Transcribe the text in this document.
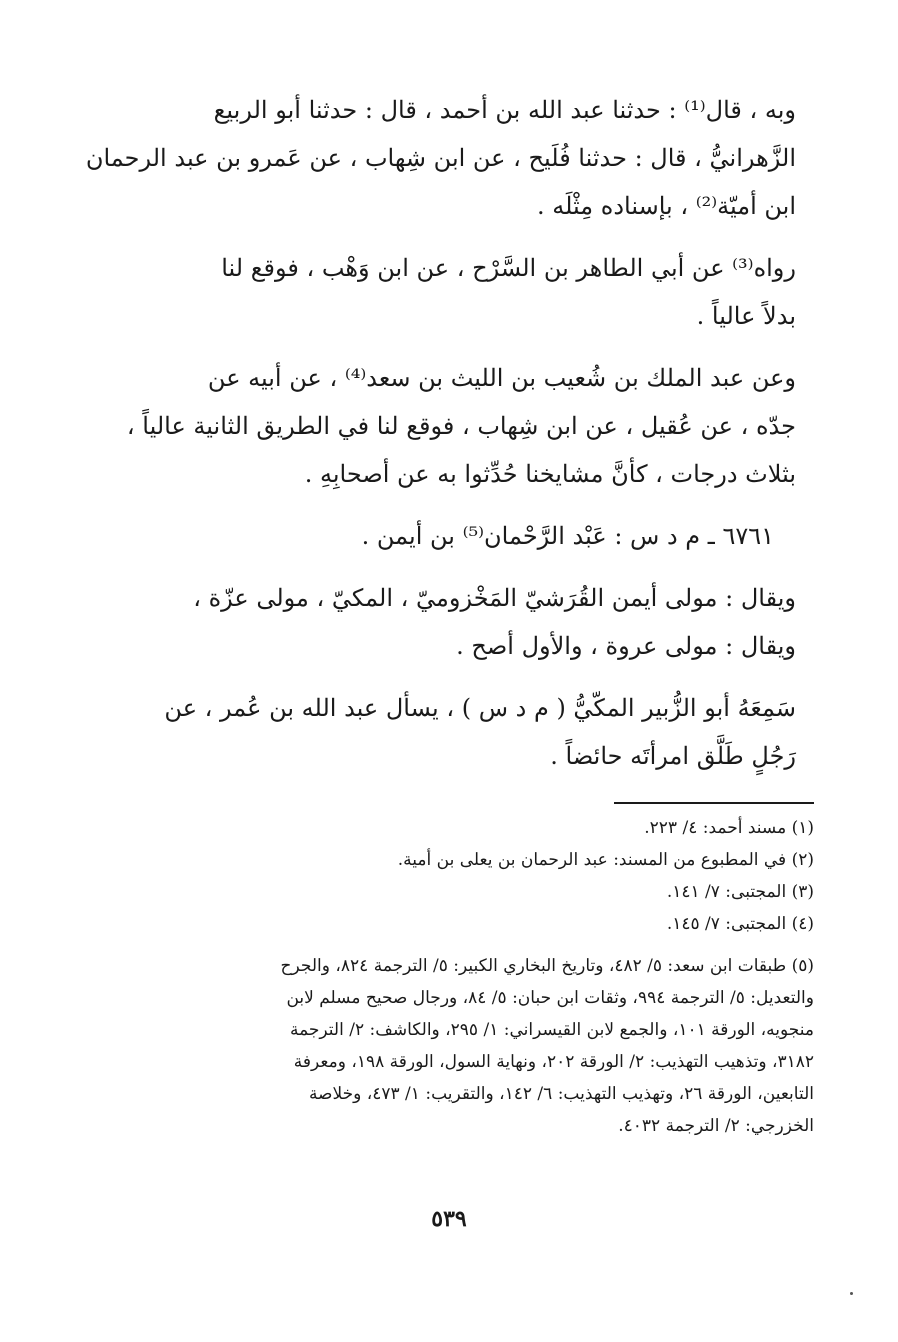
وبه ، قال⁽¹⁾ : حدثنا عبد الله بن أحمد ، قال : حدثنا أبو الربيع
الزَّهرانيُّ ، قال : حدثنا فُلَيح ، عن ابن شِهاب ، عن عَمرو بن عبد الرحمان
ابن أميّة⁽²⁾ ، بإسناده مِثْلَه .

رواه⁽³⁾ عن أبي الطاهر بن السَّرْح ، عن ابن وَهْب ، فوقع لنا
بدلاً عالياً .

وعن عبد الملك بن شُعيب بن الليث بن سعد⁽⁴⁾ ، عن أبيه عن
جدّه ، عن عُقيل ، عن ابن شِهاب ، فوقع لنا في الطريق الثانية عالياً ،
بثلاث درجات ، كأنَّ مشايخنا حُدِّثوا به عن أصحابِهِ .

٦٧٦١ ـ م د س : عَبْد الرَّحْمان⁽⁵⁾ بن أيمن .

ويقال : مولى أيمن القُرَشيّ المَخْزوميّ ، المكيّ ، مولى عزّة ،
ويقال : مولى عروة ، والأول أصح .

سَمِعَهُ أبو الزُّبير المكّيُّ ( م د س ) ، يسأل عبد الله بن عُمر ، عن
رَجُلٍ طَلَّق امرأتَه حائضاً .

(١) مسند أحمد: ٤/ ٢٢٣.

(٢) في المطبوع من المسند: عبد الرحمان بن يعلى بن أمية.

(٣) المجتبى: ٧/ ١٤١.

(٤) المجتبى: ٧/ ١٤٥.

(٥) طبقات ابن سعد: ٥/ ٤٨٢، وتاريخ البخاري الكبير: ٥/ الترجمة ٨٢٤، والجرح
والتعديل: ٥/ الترجمة ٩٩٤، وثقات ابن حبان: ٥/ ٨٤، ورجال صحيح مسلم لابن
منجويه، الورقة ١٠١، والجمع لابن القيسراني: ١/ ٢٩٥، والكاشف: ٢/ الترجمة
٣١٨٢، وتذهيب التهذيب: ٢/ الورقة ٢٠٢، ونهاية السول، الورقة ١٩٨، ومعرفة
التابعين، الورقة ٢٦، وتهذيب التهذيب: ٦/ ١٤٢، والتقريب: ١/ ٤٧٣، وخلاصة
الخزرجي: ٢/ الترجمة ٤٠٣٢.
٥٣٩
